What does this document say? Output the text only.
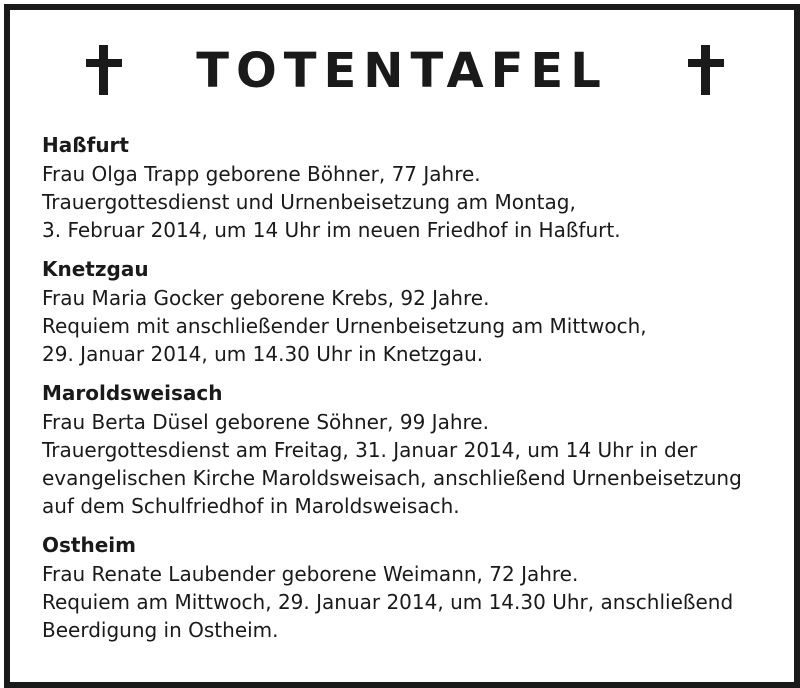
TOTENTAFEL
Haßfurt
Frau Olga Trapp geborene Böhner, 77 Jahre.
Trauergottesdienst und Urnenbeisetzung am Montag,
3. Februar 2014, um 14 Uhr im neuen Friedhof in Haßfurt.
Knetzgau
Frau Maria Gocker geborene Krebs, 92 Jahre.
Requiem mit anschließender Urnenbeisetzung am Mittwoch,
29. Januar 2014, um 14.30 Uhr in Knetzgau.
Maroldsweisach
Frau Berta Düsel geborene Söhner, 99 Jahre.
Trauergottesdienst am Freitag, 31. Januar 2014, um 14 Uhr in der
evangelischen Kirche Maroldsweisach, anschließend Urnenbeisetzung
auf dem Schulfriedhof in Maroldsweisach.
Ostheim
Frau Renate Laubender geborene Weimann, 72 Jahre.
Requiem am Mittwoch, 29. Januar 2014, um 14.30 Uhr, anschließend
Beerdigung in Ostheim.
